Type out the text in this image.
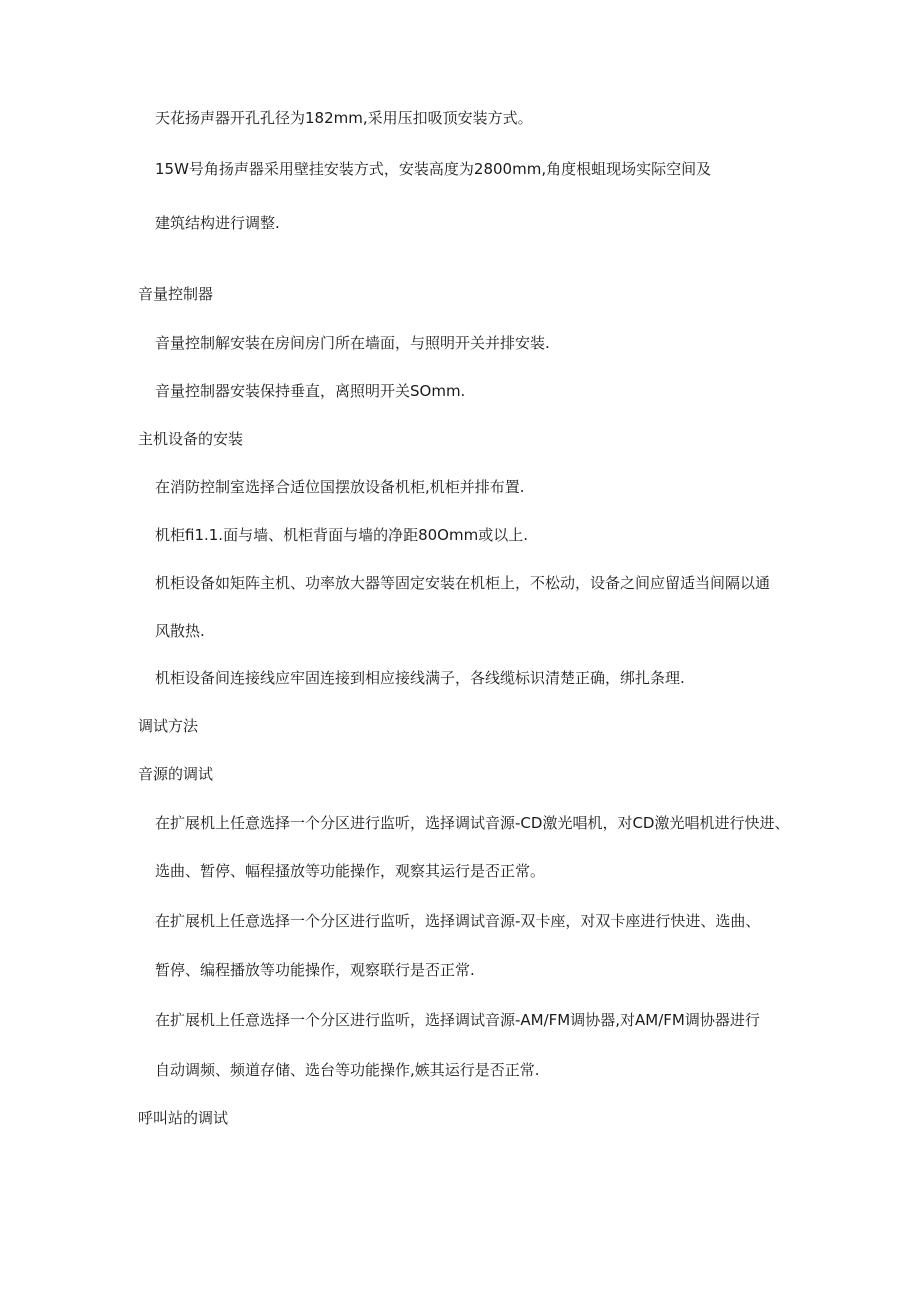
天花扬声器开孔孔径为182mm,采用压扣吸顶安装方式。
15W号角扬声器采用壁挂安装方式，安装高度为2800mm,角度根蛆现场实际空间及
建筑结构进行调整.
音量控制器
音量控制解安装在房间房门所在墙面，与照明开关并排安装.
音量控制器安装保持垂直，离照明开关SOmm.
主机设备的安装
在消防控制室选择合适位国摆放设备机柜,机柜并排布置.
机柜fi1.1.面与墙、机柜背面与墙的净距80Omm或以上.
机柜设备如矩阵主机、功率放大器等固定安装在机柜上，不松动，设备之间应留适当间隔以通
风散热.
机柜设备间连接线应牢固连接到相应接线满子，各线缆标识清楚正确，绑扎条理.
调试方法
音源的调试
在扩展机上任意选择一个分区进行监听，选择调试音源-CD激光唱机，对CD激光唱机进行快进、
选曲、暂停、幅程搔放等功能操作，观察其运行是否正常。
在扩展机上任意选择一个分区进行监听，选择调试音源-双卡座，对双卡座进行快进、选曲、
暂停、编程播放等功能操作，观察联行是否正常.
在扩展机上任意选择一个分区进行监听，选择调试音源-AM/FM调协器,对AM/FM调协器进行
自动调频、频道存储、选台等功能操作,嫉其运行是否正常.
呼叫站的调试
